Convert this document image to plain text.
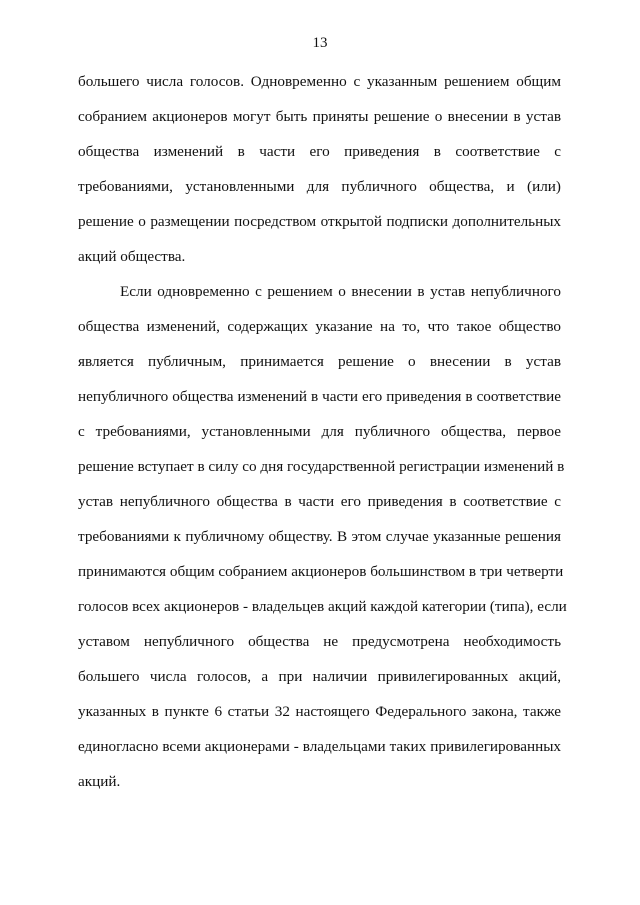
13
большего числа голосов. Одновременно с указанным решением общим
собранием акционеров могут быть приняты решение о внесении в устав
общества изменений в части его приведения в соответствие с
требованиями, установленными для публичного общества, и (или)
решение о размещении посредством открытой подписки дополнительных
акций общества.
Если одновременно с решением о внесении в устав непубличного
общества изменений, содержащих указание на то, что такое общество
является публичным, принимается решение о внесении в устав
непубличного общества изменений в части его приведения в соответствие
с требованиями, установленными для публичного общества, первое
решение вступает в силу со дня государственной регистрации изменений в
устав непубличного общества в части его приведения в соответствие с
требованиями к публичному обществу. В этом случае указанные решения
принимаются общим собранием акционеров большинством в три четверти
голосов всех акционеров - владельцев акций каждой категории (типа), если
уставом непубличного общества не предусмотрена необходимость
большего числа голосов, а при наличии привилегированных акций,
указанных в пункте 6 статьи 32 настоящего Федерального закона, также
единогласно всеми акционерами - владельцами таких привилегированных
акций.
